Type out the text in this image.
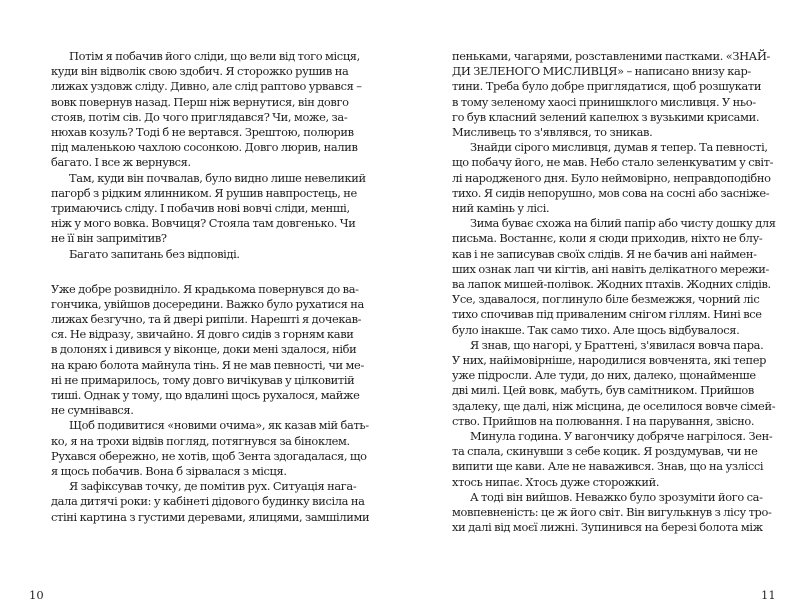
Потім я побачив його сліди, що вели від того місця,
куди він відволік свою здобич. Я сторожко рушив на
лижах уздовж сліду. Дивно, але слід раптово урвався –
вовк повернув назад. Перш ніж вернутися, він довго
стояв, потім сів. До чого приглядався? Чи, може, за-
нюхав козуль? Тоді б не вертався. Зрештою, полюрив
під маленькою чахлою сосонкою. Довго люрив, налив
багато. І все ж вернувся.
Там, куди він почвалав, було видно лише невеликий
пагорб з рідким ялинником. Я рушив навпростець, не
тримаючись сліду. І побачив нові вовчі сліди, менші,
ніж у мого вовка. Вовчиця? Стояла там довгенько. Чи
не її він запримітив?
Багато запитань без відповіді.
Уже добре розвиднілo. Я крадькома повернувся до ва-
гончика, увійшов досередини. Важко було рухатися на
лижах безгучно, та й двері рипіли. Нарешті я дочекав-
ся. Не відразу, звичайно. Я довго сидів з горням кави
в долонях і дивився у віконце, доки мені здалося, ніби
на краю болота майнула тінь. Я не мав певності, чи ме-
ні не примарилось, тому довго вичікував у цілковитій
тиші. Однак у тому, що вдалині щось рухалося, майже
не сумнівався.
Щоб подивитися «новими очима», як казав мій бать-
ко, я на трохи відвів погляд, потягнувся за біноклем.
Рухався обережно, не хотів, щоб Зента здогадалася, що
я щось побачив. Вона б зірвалася з місця.
Я зафіксував точку, де помітив рух. Ситуація нага-
дала дитячі роки: у кабінеті дідового будинку висіла на
стіні картина з густими деревами, ялицями, замшілими
10
пеньками, чагарями, розставленими пастками. «ЗНАЙ-
ДИ ЗЕЛЕНОГО МИСЛИВЦЯ» – написано внизу кар-
тини. Треба було добре приглядатися, щоб розшукати
в тому зеленому хаосі принишклого мисливця. У ньо-
го був класний зелений капелюх з вузькими крисами.
Мисливець то з'являвся, то зникав.
Знайди сірого мисливця, думав я тепер. Та певності,
що побачу його, не мав. Небо стало зеленкуватим у світ-
лі народженого дня. Було неймовірно, неправдоподібно
тихо. Я сидів непорушно, мов сова на сосні або засніже-
ний камінь у лісі.
Зима буває схожа на білий папір або чисту дошку для
письма. Востаннє, коли я сюди приходив, ніхто не блу-
кав і не записував своїх слідів. Я не бачив ані наймен-
ших ознак лап чи кігтів, ані навіть делікатного мережи-
ва лапок мишей-полівок. Жодних птахів. Жодних слідів.
Усе, здавалося, поглинуло біле безмежжя, чорний ліс
тихо спочивав під приваленим снігом гіллям. Нині все
було інакше. Так само тихо. Але щось відбувалося.
Я знав, що нагорі, у Браттені, з'явилася вовча пара.
У них, найімовірніше, народилися вовченята, які тепер
уже підросли. Але туди, до них, далеко, щонайменше
дві милі. Цей вовк, мабуть, був самітником. Прийшов
здалеку, ще далі, ніж місцина, де оселилося вовче сімей-
ство. Прийшов на полювання. І на парування, звісно.
Минула година. У вагончику добряче нагрілося. Зен-
та спала, скинувши з себе коцик. Я роздумував, чи не
випити ще кави. Але не наважився. Знав, що на узліссі
хтось нипає. Хтось дуже сторожкий.
А тоді він вийшов. Неважко було зрозуміти його са-
мовпевненість: це ж його світ. Він вигулькнув з лісу тро-
хи далі від моєї лижні. Зупинився на березі болота між
11
